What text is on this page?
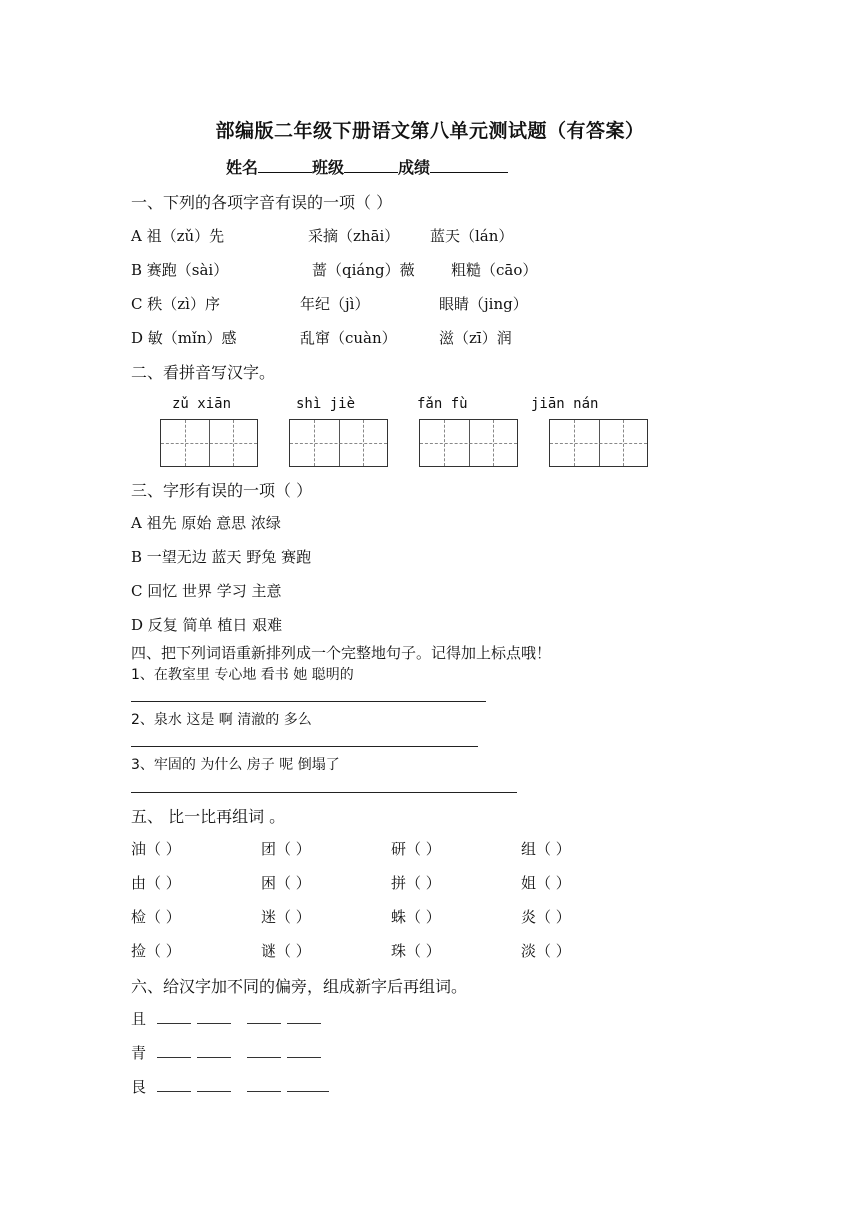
部编版二年级下册语文第八单元测试题（有答案）
姓名	班级	成绩
一、下列的各项字音有误的一项（ ）
A 祖（zǔ）先	采摘（zhāi） 蓝天（lán）
B 赛跑（sài）	蔷（qiáng）薇 粗糙（cāo）
C 秩（zì）序	年纪（jì）	眼睛（jing）
D 敏（mǐn）感	乱窜（cuàn）	滋（zī）润
二、看拼音写汉字。
zǔ xiān	shì jiè	fǎn fù	jiān nán
三、字形有误的一项（ ）
A 祖先 原始 意思 浓绿
B 一望无边 蓝天 野兔 赛跑
C 回忆 世界 学习 主意
D 反复 简单 植日 艰难
四、把下列词语重新排列成一个完整地句子。记得加上标点哦！
1、在教室里 专心地 看书 她 聪明的
2、泉水 这是 啊 清澈的 多么
3、牢固的 为什么 房子 呢 倒塌了
五、 比一比再组词 。
油（ ）	团（ ）	研（ ）	组（ ）
由（ ）	困（ ）	拼（ ）	姐（ ）
检（ ）	迷（ ）	蛛（ ）	炎（ ）
捡（ ）	谜（ ）	珠（ ）	淡（ ）
六、给汉字加不同的偏旁，组成新字后再组词。
且
青
艮
